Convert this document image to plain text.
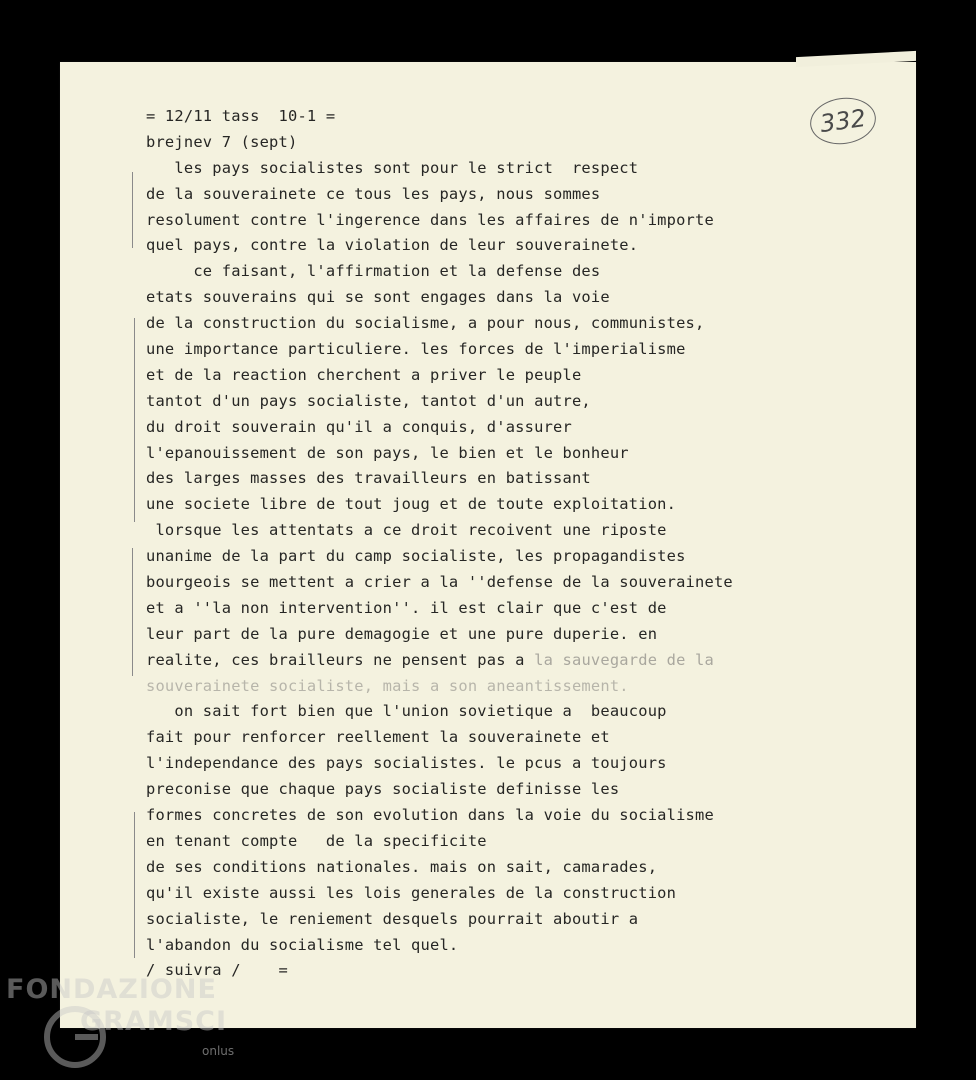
332
= 12/11 tass  10-1 =
brejnev 7 (sept)
les pays socialistes sont pour le strict  respect
de la souverainete ce tous les pays, nous sommes
resolument contre l'ingerence dans les affaires de n'importe
quel pays, contre la violation de leur souverainete.
ce faisant, l'affirmation et la defense des
etats souverains qui se sont engages dans la voie
de la construction du socialisme, a pour nous, communistes,
une importance particuliere. les forces de l'imperialisme
et de la reaction cherchent a priver le peuple
tantot d'un pays socialiste, tantot d'un autre,
du droit souverain qu'il a conquis, d'assurer
l'epanouissement de son pays, le bien et le bonheur
des larges masses des travailleurs en batissant
une societe libre de tout joug et de toute exploitation.
lorsque les attentats a ce droit recoivent une riposte
unanime de la part du camp socialiste, les propagandistes
bourgeois se mettent a crier a la ''defense de la souverainete
et a ''la non intervention''. il est clair que c'est de
leur part de la pure demagogie et une pure duperie. en
realite, ces brailleurs ne pensent pas a la sauvegarde de la
souverainete socialiste, mais a son aneantissement.
on sait fort bien que l'union sovietique a  beaucoup
fait pour renforcer reellement la souverainete et
l'independance des pays socialistes. le pcus a toujours
preconise que chaque pays socialiste definisse les
formes concretes de son evolution dans la voie du socialisme
en tenant compte   de la specificite
de ses conditions nationales. mais on sait, camarades,
qu'il existe aussi les lois generales de la construction
socialiste, le reniement desquels pourrait aboutir a
l'abandon du socialisme tel quel.
/ suivra /    =
FONDAZIONE
GRAMSCI
onlus
